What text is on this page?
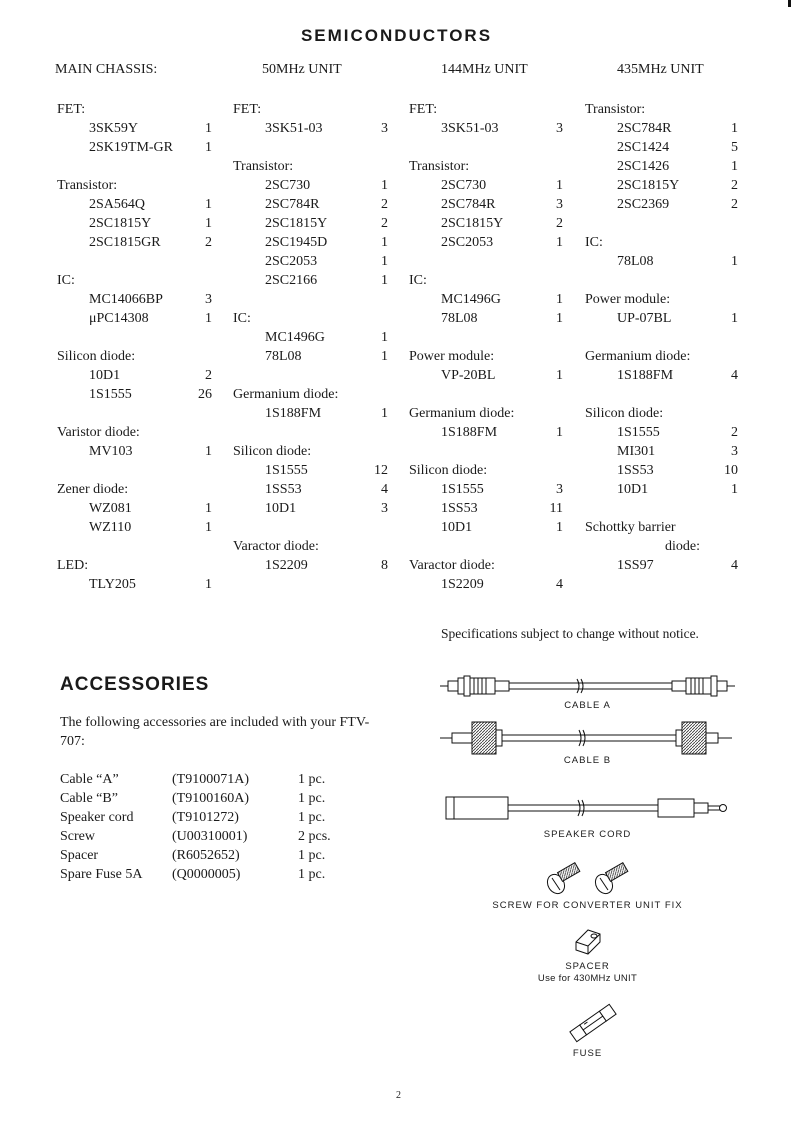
SEMICONDUCTORS
MAIN CHASSIS:	50MHz UNIT	144MHz UNIT	435MHz UNIT
FET:
3SK59Y	1
2SK19TM-GR 1
Transistor:
2SA564Q	1
2SC1815Y	1
2SC1815GR	2
IC:
MC14066BP	3
μPC14308	1
Silicon diode:
10D1	2
1S1555	26
Varistor diode:
MV103	1
Zener diode:
WZ081	1
WZ110	1
LED:
TLY205	1
FET:
3SK51-03	3
Transistor:
2SC730	1
2SC784R	2
2SC1815Y	2
2SC1945D	1
2SC2053	1
2SC2166	1
IC:
MC1496G	1
78L08	1
Germanium diode:
1S188FM	1
Silicon diode:
1S1555	12
1SS53	4
10D1	3
Varactor diode:
1S2209	8
FET:
3SK51-03	3
Transistor:
2SC730	1
2SC784R	3
2SC1815Y	2
2SC2053	1
IC:
MC1496G	1
78L08	1
Power module:
VP-20BL	1
Germanium diode:
1S188FM	1
Silicon diode:
1S1555	3
1SS53	11
10D1	1
Varactor diode:
1S2209	4
Transistor:
2SC784R	1
2SC1424	5
2SC1426	1
2SC1815Y	2
2SC2369	2
IC:
78L08	1
Power module:
UP-07BL	1
Germanium diode:
1S188FM	4
Silicon diode:
1S1555	2
MI301	3
1SS53	10
10D1	1
Schottky barrier
diode:
1SS97	4
Specifications subject to change without notice.
ACCESSORIES
The following accessories are included with your FTV-707:
Cable “A”	(T9100071A)	1 pc.
Cable “B”	(T9100160A)	1 pc.
Speaker cord	(T9101272)	1 pc.
Screw	(U00310001)	2 pcs.
Spacer	(R6052652)	1 pc.
Spare Fuse 5A (Q0000005)	1 pc.
CABLE A
CABLE B
SPEAKER CORD
SCREW FOR CONVERTER UNIT FIX
SPACER
Use for 430MHz UNIT
FUSE
2
